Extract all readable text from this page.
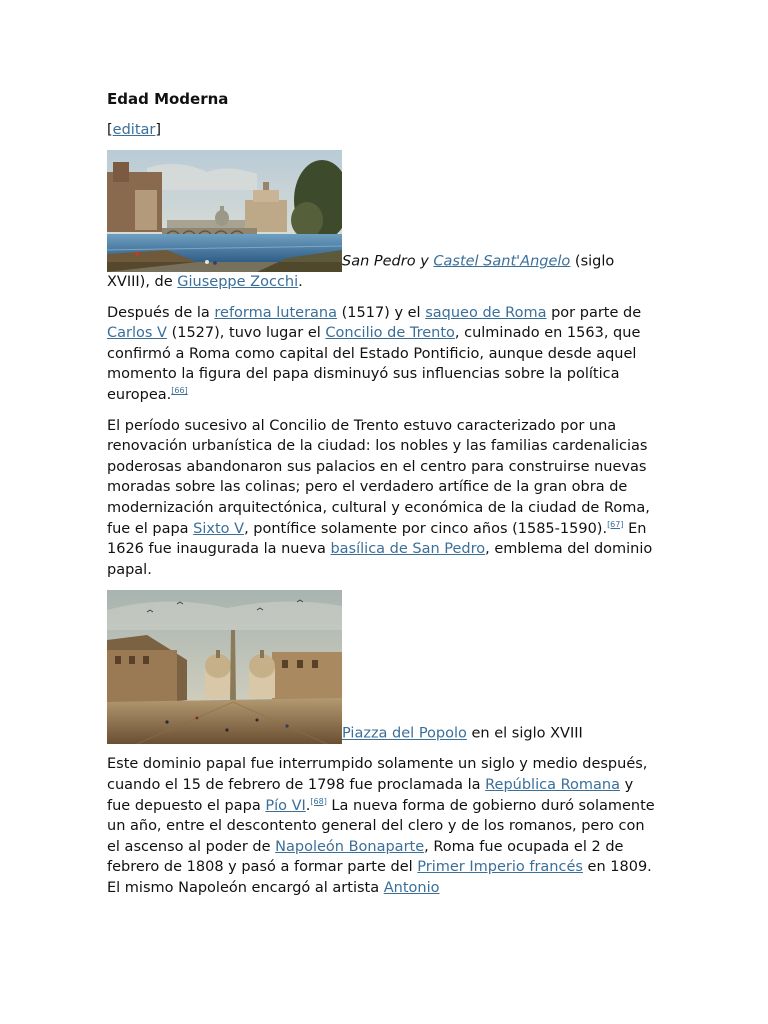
Edad Moderna
[editar]
San Pedro y Castel Sant'Angelo (siglo XVIII), de Giuseppe Zocchi.

Después de la reforma luterana (1517) y el saqueo de Roma por parte de Carlos V (1527), tuvo lugar el Concilio de Trento, culminado en 1563, que confirmó a Roma como capital del Estado Pontificio, aunque desde aquel momento la figura del papa disminuyó sus influencias sobre la política europea.[66]

El período sucesivo al Concilio de Trento estuvo caracterizado por una renovación urbanística de la ciudad: los nobles y las familias cardenalicias poderosas abandonaron sus palacios en el centro para construirse nuevas moradas sobre las colinas; pero el verdadero artífice de la gran obra de modernización arquitectónica, cultural y económica de la ciudad de Roma, fue el papa Sixto V, pontífice solamente por cinco años (1585-1590).[67] En 1626 fue inaugurada la nueva basílica de San Pedro, emblema del dominio papal.

Piazza del Popolo en el siglo XVIII

Este dominio papal fue interrumpido solamente un siglo y medio después, cuando el 15 de febrero de 1798 fue proclamada la República Romana y fue depuesto el papa Pío VI.[68] La nueva forma de gobierno duró solamente un año, entre el descontento general del clero y de los romanos, pero con el ascenso al poder de Napoleón Bonaparte, Roma fue ocupada el 2 de febrero de 1808 y pasó a formar parte del Primer Imperio francés en 1809. El mismo Napoleón encargó al artista Antonio
